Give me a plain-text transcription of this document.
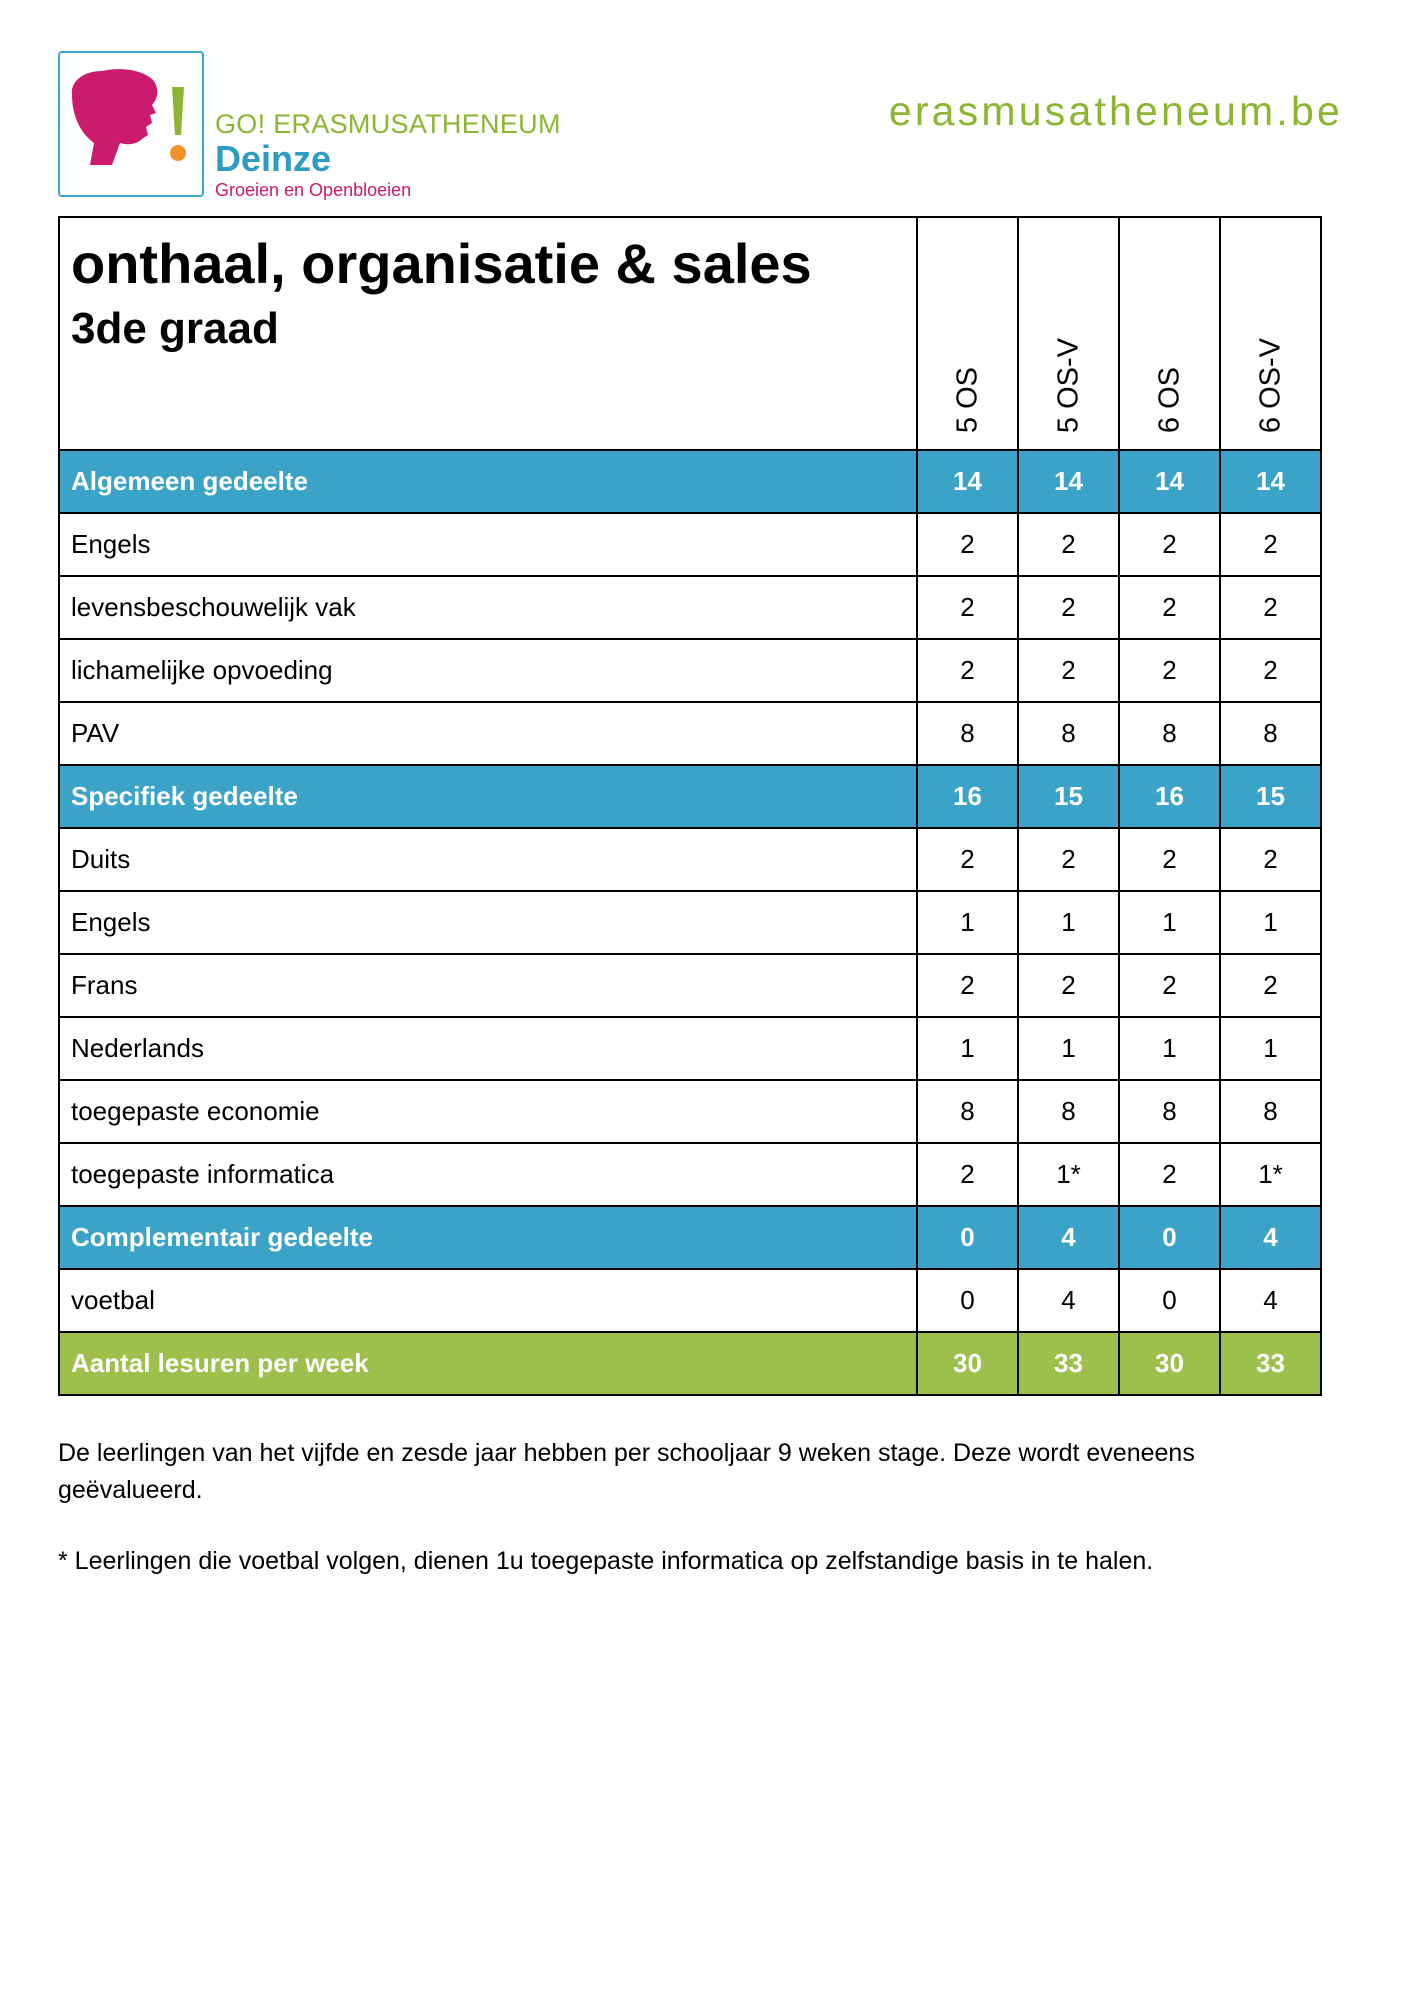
GO! ERASMUSATHENEUM
Deinze
Groeien en Openbloeien
erasmusatheneum.be
onthaal, organisatie & sales
3de graad	5 OS	5 OS-V	6 OS	6 OS-V

Algemeen gedeelte	14	14	14	14
Engels	2	2	2	2
levensbeschouwelijk vak	2	2	2	2
lichamelijke opvoeding	2	2	2	2
PAV	8	8	8	8
Specifiek gedeelte	16	15	16	15
Duits	2	2	2	2
Engels	1	1	1	1
Frans	2	2	2	2
Nederlands	1	1	1	1
toegepaste economie	8	8	8	8
toegepaste informatica	2	1*	2	1*
Complementair gedeelte	0	4	0	4
voetbal	0	4	0	4
Aantal lesuren per week	30	33	30	33

De leerlingen van het vijfde en zesde jaar hebben per schooljaar 9 weken stage. Deze wordt eveneens geëvalueerd.

* Leerlingen die voetbal volgen, dienen 1u toegepaste informatica op zelfstandige basis in te halen.
